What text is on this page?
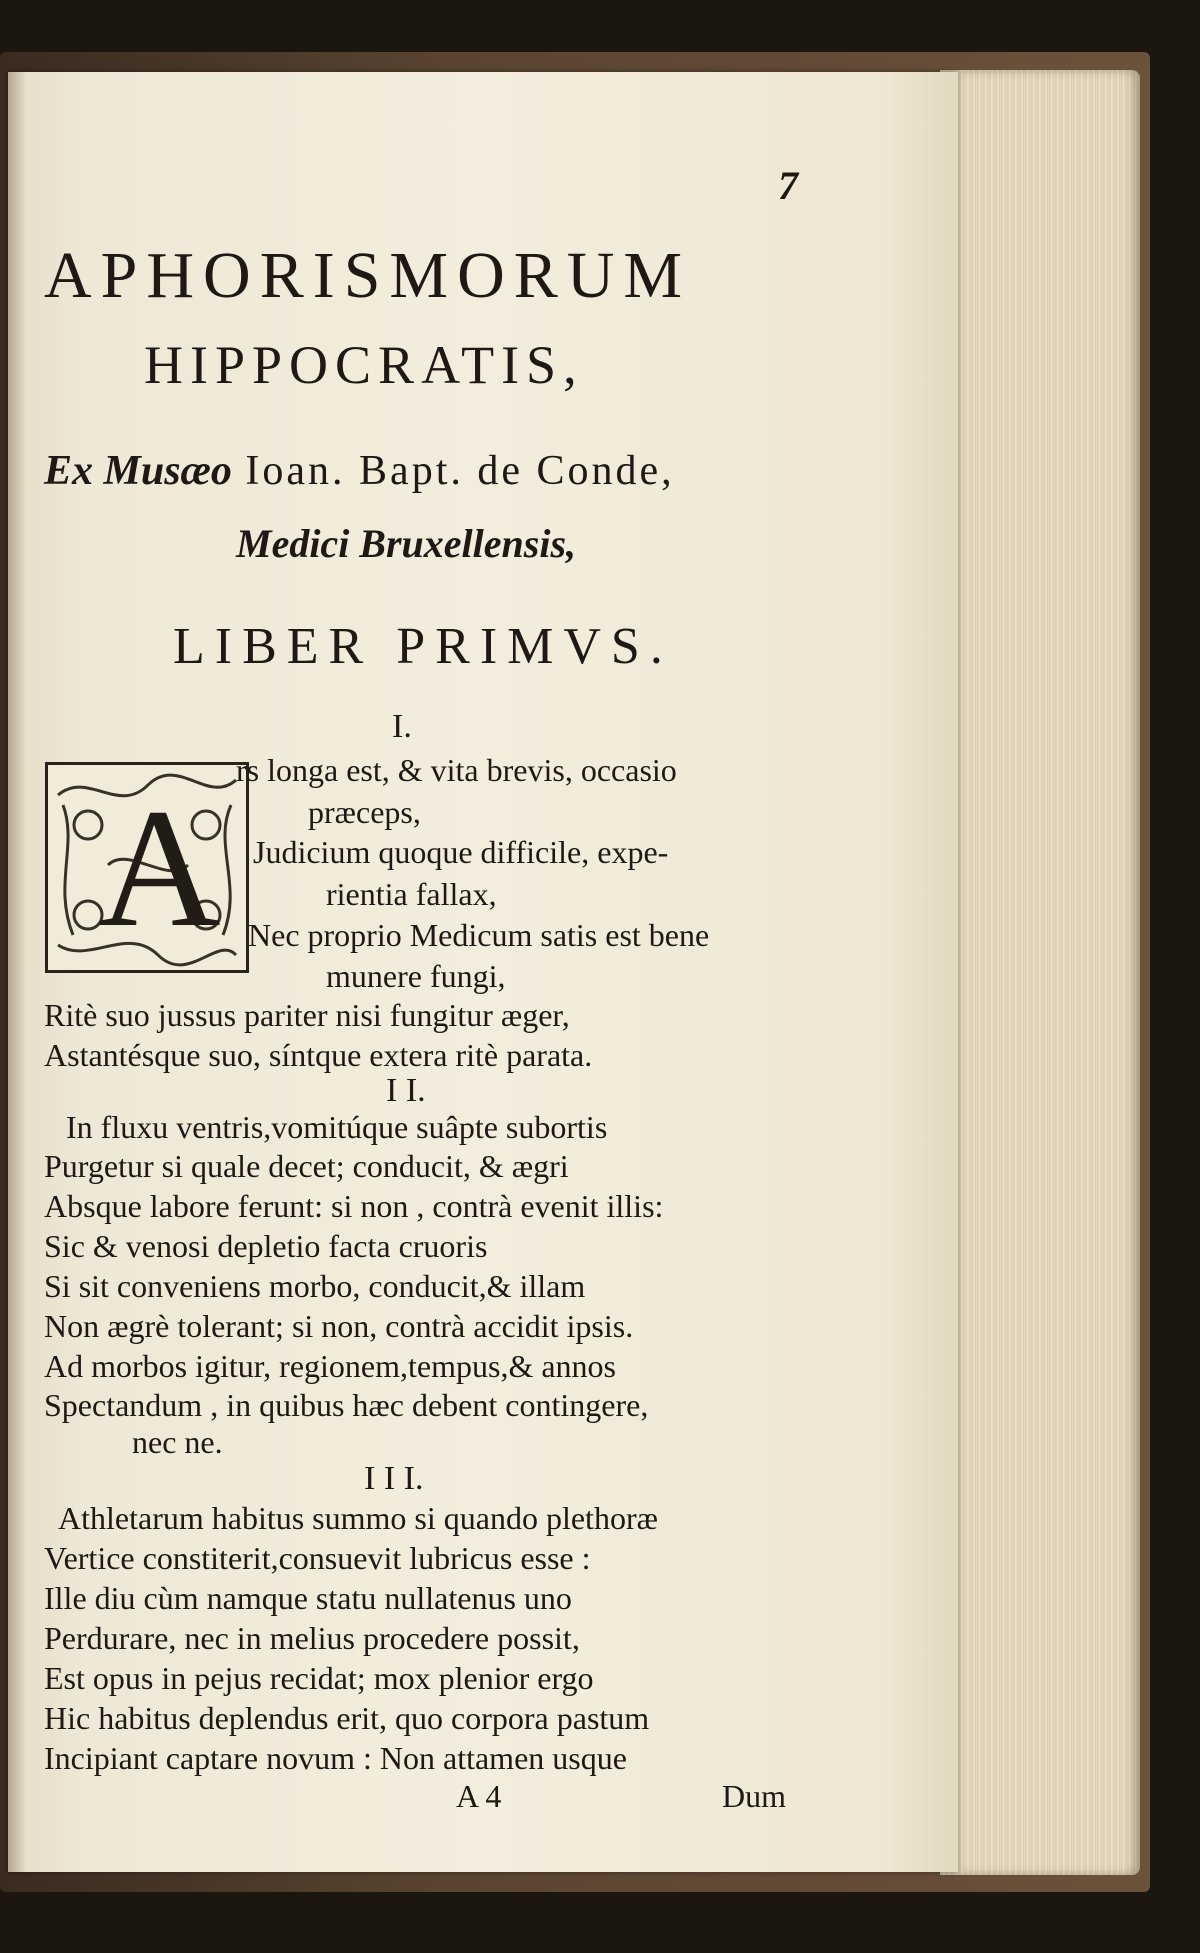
7
APHORISMORUM
HIPPOCRATIS,
Ex Musæo Ioan. Bapt. de Conde,
Medici Bruxellensis,
LIBER PRIMVS.
I.
A
rs longa est, & vita brevis, occasio
præceps,
Judicium quoque difficile, expe-
rientia fallax,
Nec proprio Medicum satis est bene
munere fungi,
Ritè suo jussus pariter nisi fungitur æger,
Astantésque suo, síntque extera ritè parata.
I I.
In fluxu ventris,vomitúque suâpte subortis
Purgetur si quale decet; conducit, & ægri
Absque labore ferunt: si non , contrà evenit illis:
Sic & venosi depletio facta cruoris
Si sit conveniens morbo, conducit,& illam
Non ægrè tolerant; si non, contrà accidit ipsis.
Ad morbos igitur, regionem,tempus,& annos
Spectandum , in quibus hæc debent contingere,
nec ne.
I I I.
Athletarum habitus summo si quando plethoræ
Vertice constiterit,consuevit lubricus esse :
Ille diu cùm namque statu nullatenus uno
Perdurare, nec in melius procedere possit,
Est opus in pejus recidat; mox plenior ergo
Hic habitus deplendus erit, quo corpora pastum
Incipiant captare novum : Non attamen usque
A 4	Dum
